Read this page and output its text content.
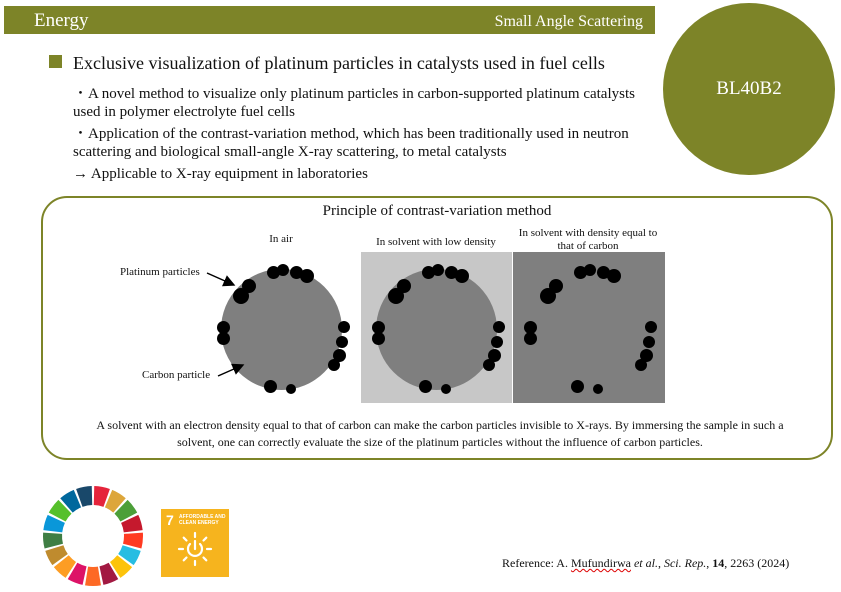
Energy	Small Angle Scattering
BL40B2
Exclusive visualization of platinum particles in catalysts used in fuel cells
・A novel method to visualize only platinum particles in carbon-supported platinum catalysts used in polymer electrolyte fuel cells
・Application of the contrast-variation method, which has been traditionally used in neutron scattering and biological small-angle X-ray scattering, to metal catalysts
→ Applicable to X-ray equipment in laboratories
Principle of contrast-variation method
In air	In solvent with low density
In solvent with density equal to that of carbon
Platinum particles
Carbon particle
A solvent with an electron density equal to that of carbon can make the carbon particles invisible to X-rays. By immersing the sample in such a solvent, one can correctly evaluate the size of the platinum particles without the influence of carbon particles.
7 AFFORDABLE AND CLEAN ENERGY
Reference: A. Mufundirwa et al., Sci. Rep., 14, 2263 (2024)
